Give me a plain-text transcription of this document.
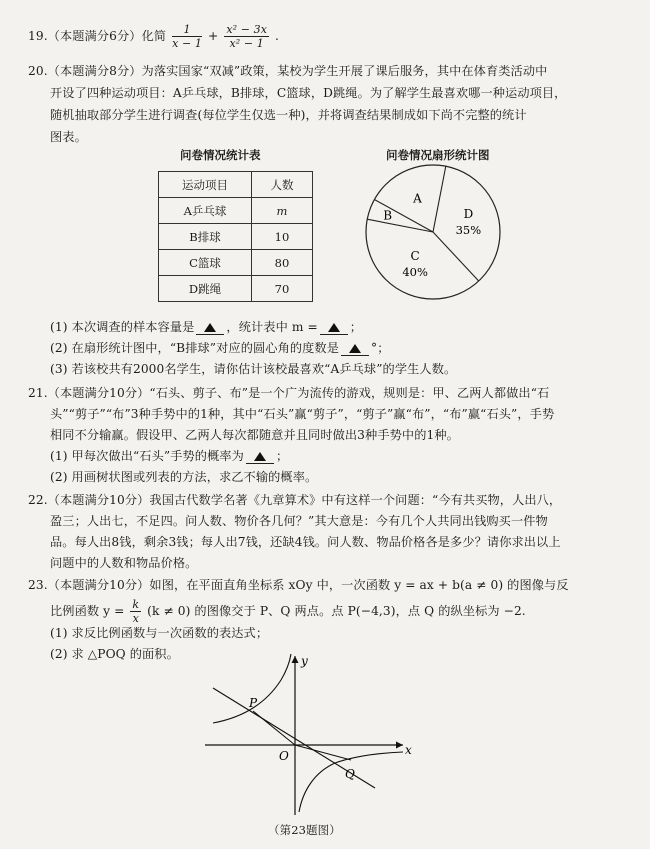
19.（本题满分6分）化简 $\frac{1}{x - 1} + \frac{\text{x² − 3x}}{\text{x² − 1}}$ .
20.（本题满分8分）为落实国家“双减”政策，某校为学生开展了课后服务，其中在体育类活动中
开设了四种运动项目：A乒乓球，B排球，C篮球，D跳绳。为了解学生最喜欢哪一种运动项目，
随机抽取部分学生进行调查(每位学生仅选一种)，并将调查结果制成如下尚不完整的统计
图表。
问卷情况统计表	问卷情况扇形统计图
运动项目	人数
A乒乓球	m
B排球	10
C篮球	80
D跳绳	70
D
35%
C
40%
B
A
(1) 本次调查的样本容量是	，统计表中 m =	；
(2) 在扇形统计图中，“B排球”对应的圆心角的度数是	°；
(3) 若该校共有2000名学生，请你估计该校最喜欢“A乒乓球”的学生人数。
21.（本题满分10分）“石头、剪子、布”是一个广为流传的游戏，规则是：甲、乙两人都做出“石
头”“剪子”“布”3种手势中的1种，其中“石头”赢“剪子”，“剪子”赢“布”，“布”赢“石头”，手势
相同不分输赢。假设甲、乙两人每次都随意并且同时做出3种手势中的1种。
(1) 甲每次做出“石头”手势的概率为	；
(2) 用画树状图或列表的方法，求乙不输的概率。
22.（本题满分10分）我国古代数学名著《九章算术》中有这样一个问题：“今有共买物，人出八，
盈三；人出七，不足四。问人数、物价各几何？”其大意是：今有几个人共同出钱购买一件物
品。每人出8钱，剩余3钱；每人出7钱，还缺4钱。问人数、物品价格各是多少？请你求出以上
问题中的人数和物品价格。
23.（本题满分10分）如图，在平面直角坐标系 xOy 中，一次函数 y = ax + b(a ≠ 0) 的图像与反
比例函数 $y = \frac{k}{x} (k \ne 0)$ 的图像交于 P、Q 两点。点 P(−4,3)，点 Q 的纵坐标为 −2.
(1) 求反比例函数与一次函数的表达式；
(2) 求 △POQ 的面积。	y
x
O
P
Q
（第23题图）
